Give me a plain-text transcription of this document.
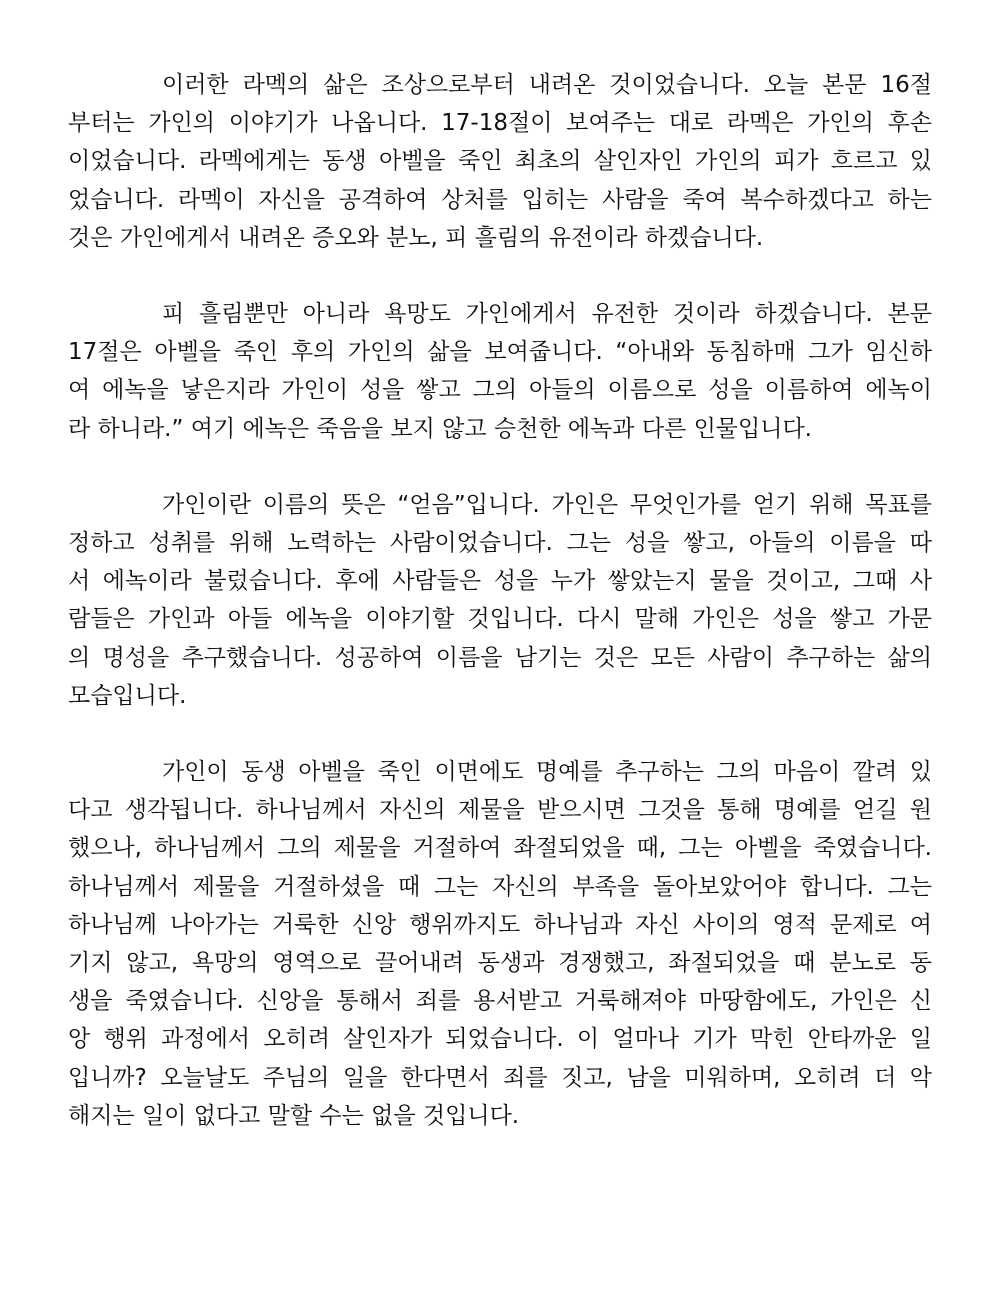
이러한 라멕의 삶은 조상으로부터 내려온 것이었습니다. 오늘 본문 16절
부터는 가인의 이야기가 나옵니다. 17-18절이 보여주는 대로 라멕은 가인의 후손
이었습니다. 라멕에게는 동생 아벨을 죽인 최초의 살인자인 가인의 피가 흐르고 있
었습니다. 라멕이 자신을 공격하여 상처를 입히는 사람을 죽여 복수하겠다고 하는
것은 가인에게서 내려온 증오와 분노, 피 흘림의 유전이라 하겠습니다.
피 흘림뿐만 아니라 욕망도 가인에게서 유전한 것이라 하겠습니다. 본문
17절은 아벨을 죽인 후의 가인의 삶을 보여줍니다. “아내와 동침하매 그가 임신하
여 에녹을 낳은지라 가인이 성을 쌓고 그의 아들의 이름으로 성을 이름하여 에녹이
라 하니라.” 여기 에녹은 죽음을 보지 않고 승천한 에녹과 다른 인물입니다.
가인이란 이름의 뜻은 “얻음”입니다. 가인은 무엇인가를 얻기 위해 목표를
정하고 성취를 위해 노력하는 사람이었습니다. 그는 성을 쌓고, 아들의 이름을 따
서 에녹이라 불렀습니다. 후에 사람들은 성을 누가 쌓았는지 물을 것이고, 그때 사
람들은 가인과 아들 에녹을 이야기할 것입니다. 다시 말해 가인은 성을 쌓고 가문
의 명성을 추구했습니다. 성공하여 이름을 남기는 것은 모든 사람이 추구하는 삶의
모습입니다.
가인이 동생 아벨을 죽인 이면에도 명예를 추구하는 그의 마음이 깔려 있
다고 생각됩니다. 하나님께서 자신의 제물을 받으시면 그것을 통해 명예를 얻길 원
했으나, 하나님께서 그의 제물을 거절하여 좌절되었을 때, 그는 아벨을 죽였습니다.
하나님께서 제물을 거절하셨을 때 그는 자신의 부족을 돌아보았어야 합니다. 그는
하나님께 나아가는 거룩한 신앙 행위까지도 하나님과 자신 사이의 영적 문제로 여
기지 않고, 욕망의 영역으로 끌어내려 동생과 경쟁했고, 좌절되었을 때 분노로 동
생을 죽였습니다. 신앙을 통해서 죄를 용서받고 거룩해져야 마땅함에도, 가인은 신
앙 행위 과정에서 오히려 살인자가 되었습니다. 이 얼마나 기가 막힌 안타까운 일
입니까? 오늘날도 주님의 일을 한다면서 죄를 짓고, 남을 미워하며, 오히려 더 악
해지는 일이 없다고 말할 수는 없을 것입니다.
